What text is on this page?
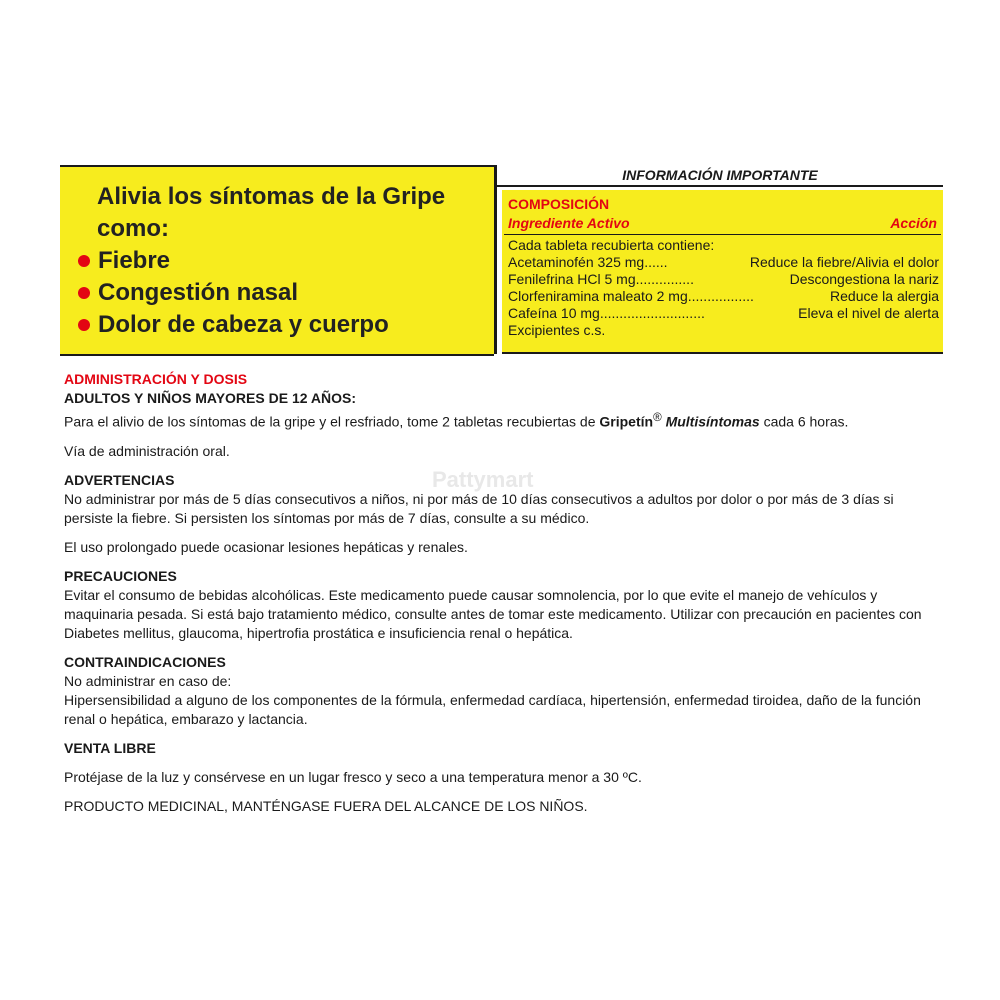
Alivia los síntomas de la Gripe como:
Fiebre
Congestión nasal
Dolor de cabeza y cuerpo
INFORMACIÓN IMPORTANTE
COMPOSICIÓN
Ingrediente Activo	Acción
Cada tableta recubierta contiene:
Acetaminofén 325 mg ......	Reduce la fiebre/Alivia el dolor
Fenilefrina HCl 5 mg ...............	Descongestiona la nariz
Clorfeniramina maleato 2 mg .................	Reduce la alergia
Cafeína 10 mg ...........................	Eleva el nivel de alerta
Excipientes c.s.
Pattymart

ADMINISTRACIÓN Y DOSIS

ADULTOS Y NIÑOS MAYORES DE 12 AÑOS:

Para el alivio de los síntomas de la gripe y el resfriado, tome 2 tabletas recubiertas de Gripetín® Multisíntomas cada 6 horas.

Vía de administración oral.

ADVERTENCIAS

No administrar por más de 5 días consecutivos a niños, ni por más de 10 días consecutivos a adultos por dolor o por más de 3 días si persiste la fiebre. Si persisten los síntomas por más de 7 días, consulte a su médico.

El uso prolongado puede ocasionar lesiones hepáticas y renales.

PRECAUCIONES

Evitar el consumo de bebidas alcohólicas. Este medicamento puede causar somnolencia, por lo que evite el manejo de vehículos y maquinaria pesada. Si está bajo tratamiento médico, consulte antes de tomar este medicamento. Utilizar con precaución en pacientes con Diabetes mellitus, glaucoma, hipertrofia prostática e insuficiencia renal o hepática.

CONTRAINDICACIONES

No administrar en caso de:

Hipersensibilidad a alguno de los componentes de la fórmula, enfermedad cardíaca, hipertensión, enfermedad tiroidea, daño de la función renal o hepática, embarazo y lactancia.

VENTA LIBRE

Protéjase de la luz y consérvese en un lugar fresco y seco a una temperatura menor a 30 ºC.

PRODUCTO MEDICINAL, MANTÉNGASE FUERA DEL ALCANCE DE LOS NIÑOS.
